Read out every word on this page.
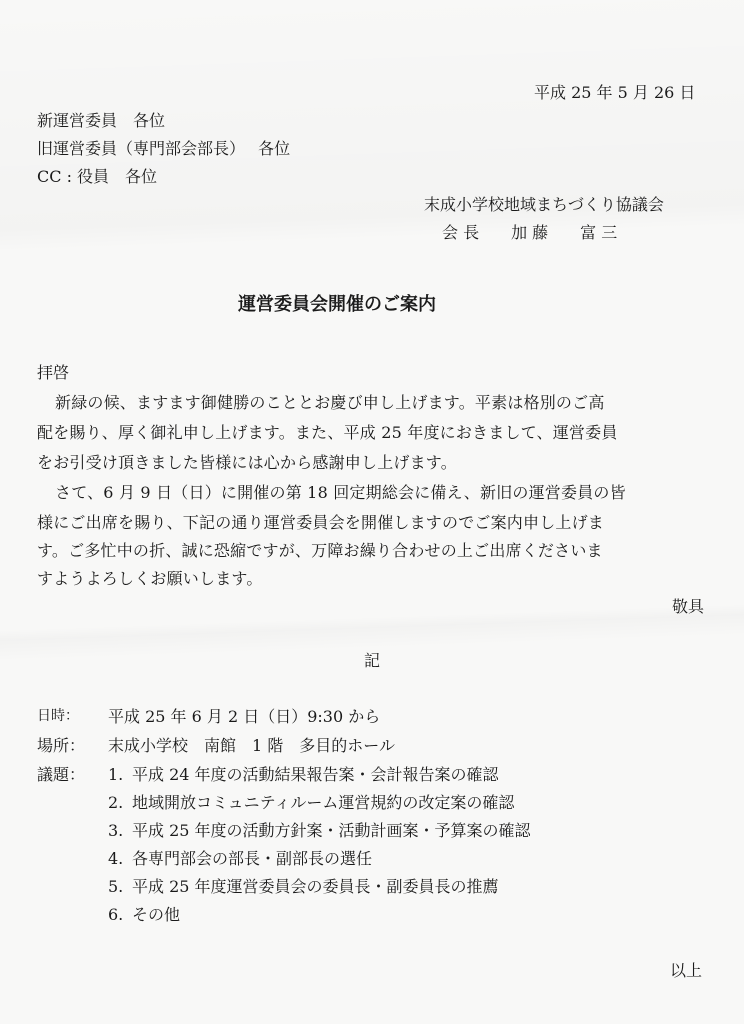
平成 25 年 5 月 26 日
新運営委員　各位
旧運営委員（専門部会部長）　 各位
CC : 役員　各位
末成小学校地域まちづくり協議会
会 長　　加 藤　　富 三
運営委員会開催のご案内
拝啓
新緑の候、ますます御健勝のこととお慶び申し上げます。平素は格別のご高
配を賜り、厚く御礼申し上げます。また、平成 25 年度におきまして、運営委員
をお引受け頂きました皆様には心から感謝申し上げます。
さて、6 月 9 日（日）に開催の第 18 回定期総会に備え、新旧の運営委員の皆
様にご出席を賜り、下記の通り運営委員会を開催しますのでご案内申し上げま
す。ご多忙中の折、誠に恐縮ですが、万障お繰り合わせの上ご出席くださいま
すようよろしくお願いします。
敬具
記
日時： 平成 25 年 6 月 2 日（日）9:30 から
場所： 末成小学校　南館　1 階　多目的ホール
議題： 1. 平成 24 年度の活動結果報告案・会計報告案の確認
2. 地域開放コミュニティルーム運営規約の改定案の確認
3. 平成 25 年度の活動方針案・活動計画案・予算案の確認
4. 各専門部会の部長・副部長の選任
5. 平成 25 年度運営委員会の委員長・副委員長の推薦
6. その他
以上
